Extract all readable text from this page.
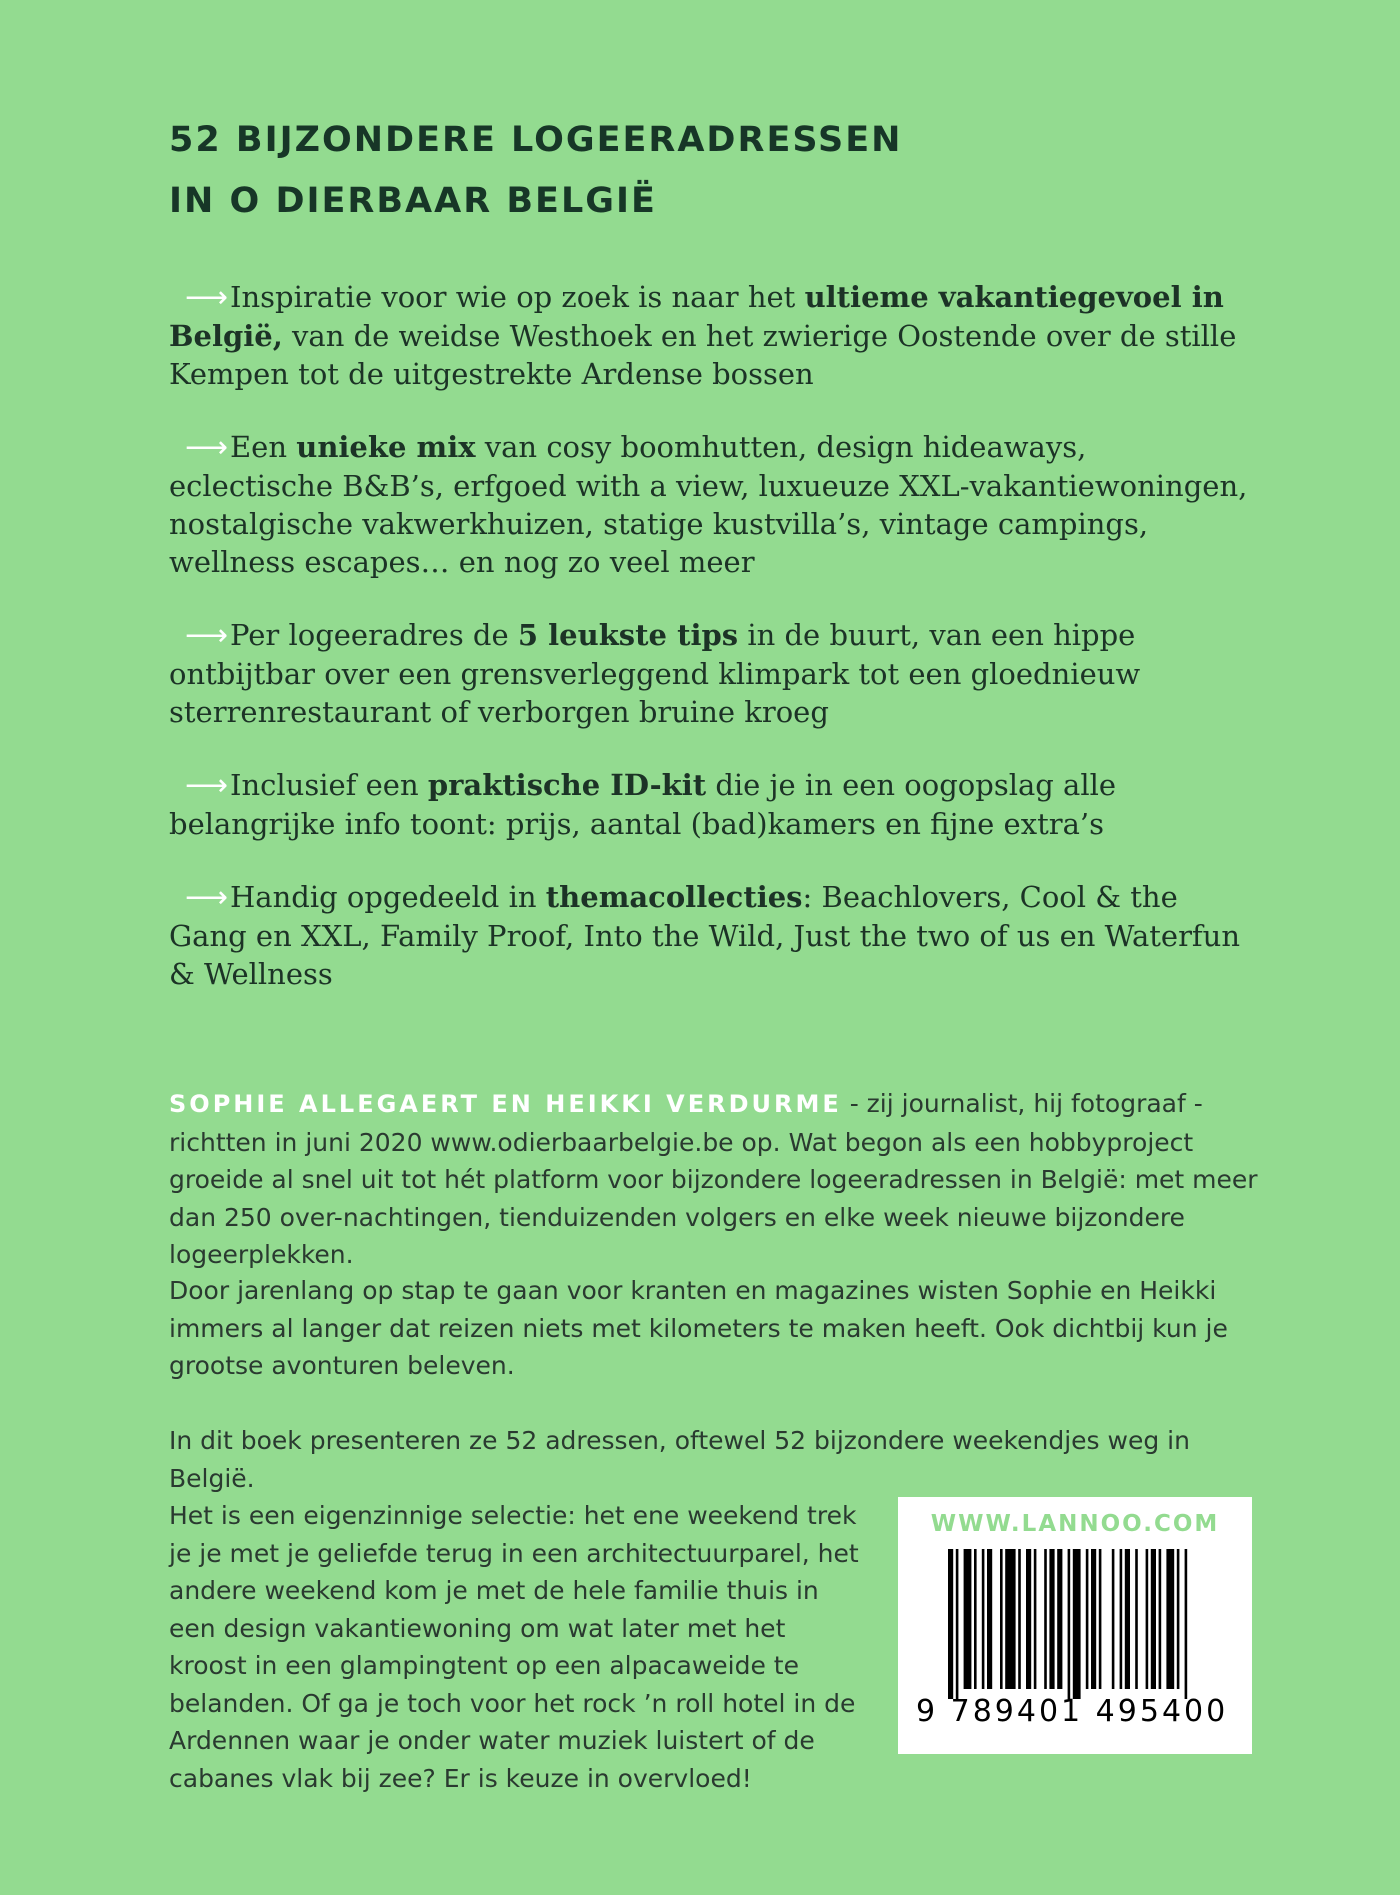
52 BIJZONDERE LOGEERADRESSEN
IN O DIERBAAR BELGIË

⟶Inspiratie voor wie op zoek is naar het ultieme vakantiegevoel in België, van de weidse Westhoek en het zwierige Oostende over de stille Kempen tot de uitgestrekte Ardense bossen

⟶Een unieke mix van cosy boomhutten, design hideaways, eclectische B&B’s, erfgoed with a view, luxueuze XXL-vakantiewoningen, nostalgische vakwerkhuizen, statige kustvilla’s, vintage campings, wellness escapes… en nog zo veel meer

⟶Per logeeradres de 5 leukste tips in de buurt, van een hippe ontbijtbar over een grensverleggend klimpark tot een gloednieuw sterrenrestaurant of verborgen bruine kroeg

⟶Inclusief een praktische ID-kit die je in een oogopslag alle belangrijke info toont: prijs, aantal (bad)kamers en fijne extra’s

⟶Handig opgedeeld in themacollecties: Beachlovers, Cool & the Gang en XXL, Family Proof, Into the Wild, Just the two of us en Waterfun & Wellness

SOPHIE ALLEGAERT EN HEIKKI VERDURME - zij journalist, hij fotograaf - richtten in juni 2020 www.odierbaarbelgie.be op. Wat begon als een hobbyproject groeide al snel uit tot hét platform voor bijzondere logeeradressen in België: met meer dan 250 over-nachtingen, tienduizenden volgers en elke week nieuwe bijzondere logeerplekken.

Door jarenlang op stap te gaan voor kranten en magazines wisten Sophie en Heikki immers al langer dat reizen niets met kilometers te maken heeft. Ook dichtbij kun je grootse avonturen beleven.

In dit boek presenteren ze 52 adressen, oftewel 52 bijzondere weekendjes weg in België.
Het is een eigenzinnige selectie: het ene weekend trek je je met je geliefde terug in een architectuurparel, het andere weekend kom je met de hele familie thuis in een design vakantiewoning om wat later met het kroost in een glampingtent op een alpacaweide te belanden. Of ga je toch voor het rock ’n roll hotel in de Ardennen waar je onder water muziek luistert of de cabanes vlak bij zee? Er is keuze in overvloed!

WWW.LANNOO.COM
9 789401 495400
